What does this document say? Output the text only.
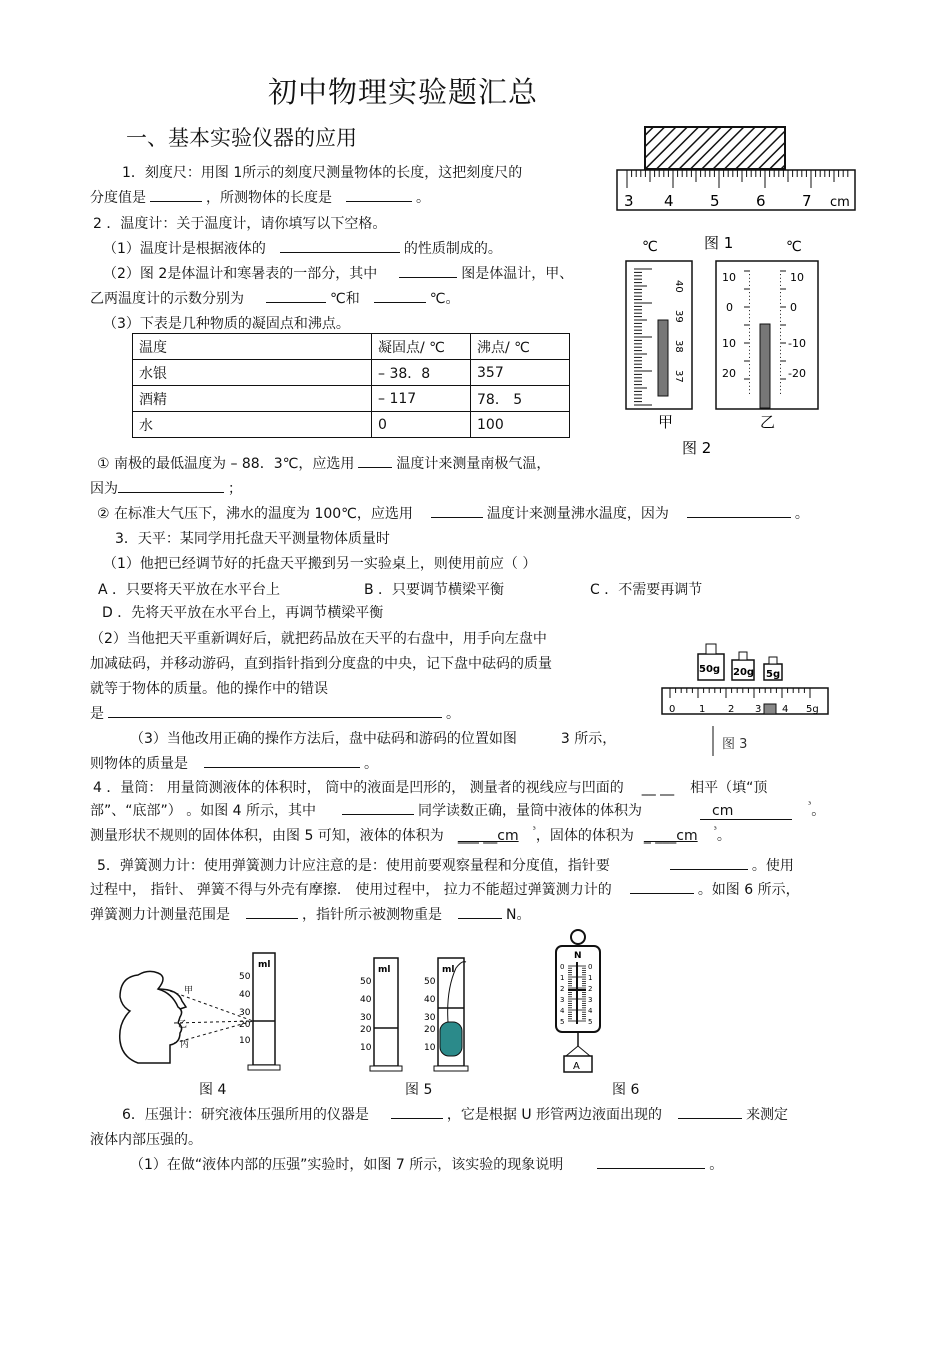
初中物理实验题汇总
一、基本实验仪器的应用
1．刻度尺：用图 1所示的刻度尺测量物体的长度，这把刻度尺的
分度值是	，所测物体的长度是	。
2 ．温度计：关于温度计，请你填写以下空格。
（1）温度计是根据液体的	的性质制成的。
（2）图 2是体温计和寒暑表的一部分，其中	图是体温计，甲、
乙两温度计的示数分别为	℃和	℃。
（3）下表是几种物质的凝固点和沸点。
温度	凝固点/ ℃	沸点/ ℃
水银	– 38．8	357
酒精	– 117	78． 5
水	0	100
① 南极的最低温度为 – 88．3℃，应选用	温度计来测量南极气温，
因为	；
② 在标准大气压下，沸水的温度为 100℃，应选用	温度计来测量沸水温度，因为	。
3．天平：某同学用托盘天平测量物体质量时
（1）他把已经调节好的托盘天平搬到另一实验桌上，则使用前应（ ）
A ．只要将天平放在水平台上	B ．只要调节横梁平衡	C ．不需要再调节
D ．先将天平放在水平台上，再调节横梁平衡
（2）当他把天平重新调好后，就把药品放在天平的右盘中，用手向左盘中
加减砝码，并移动游码，直到指针指到分度盘的中央，记下盘中砝码的质量
就等于物体的质量。他的操作中的错误
是	。
（3）当他改用正确的操作方法后，盘中砝码和游码的位置如图	3 所示，
则物体的质量是	。
4 ．量筒： 用量筒测液体的体积时， 筒中的液面是凹形的， 测量者的视线应与凹面的 __ __ 相平（填“顶
部”、“底部”） 。如图 4 所示，其中	同学读数正确，量筒中液体的体积为	cm	$^{^3}$。
测量形状不规则的固体体积，由图 5 可知，液体的体积为 ___ __cm $^{^3}$，固体的体积为 _ ___cm $^{^3}$。
5．弹簧测力计：使用弹簧测力计应注意的是：使用前要观察量程和分度值，指针要	。使用
过程中， 指针、 弹簧不得与外壳有摩擦． 使用过程中， 拉力不能超过弹簧测力计的	。如图 6 所示，
弹簧测力计测量范围是	，指针所示被测物重是	N。
图 4	图 5	图 6
6．压强计：研究液体压强所用的仪器是	，它是根据 U 形管两边液面出现的	来测定
液体内部压强的。
（1）在做“液体内部的压强”实验时，如图 7 所示，该实验的现象说明	。
3 4 5 6 7 cm
图 1
℃	℃
40
39
38
37
甲
10
0
10
20
10
0
-10
-20
乙
图 2
50g 20g 5g
0 1 2 3 4 5g
图 3
甲
乙
丙
ml
50
40
30
20
10
ml
50
40
30
20
10
ml
50
40
30
20
10
N
0
1
2
3
4
5
0
1
2
3
4
5
A
